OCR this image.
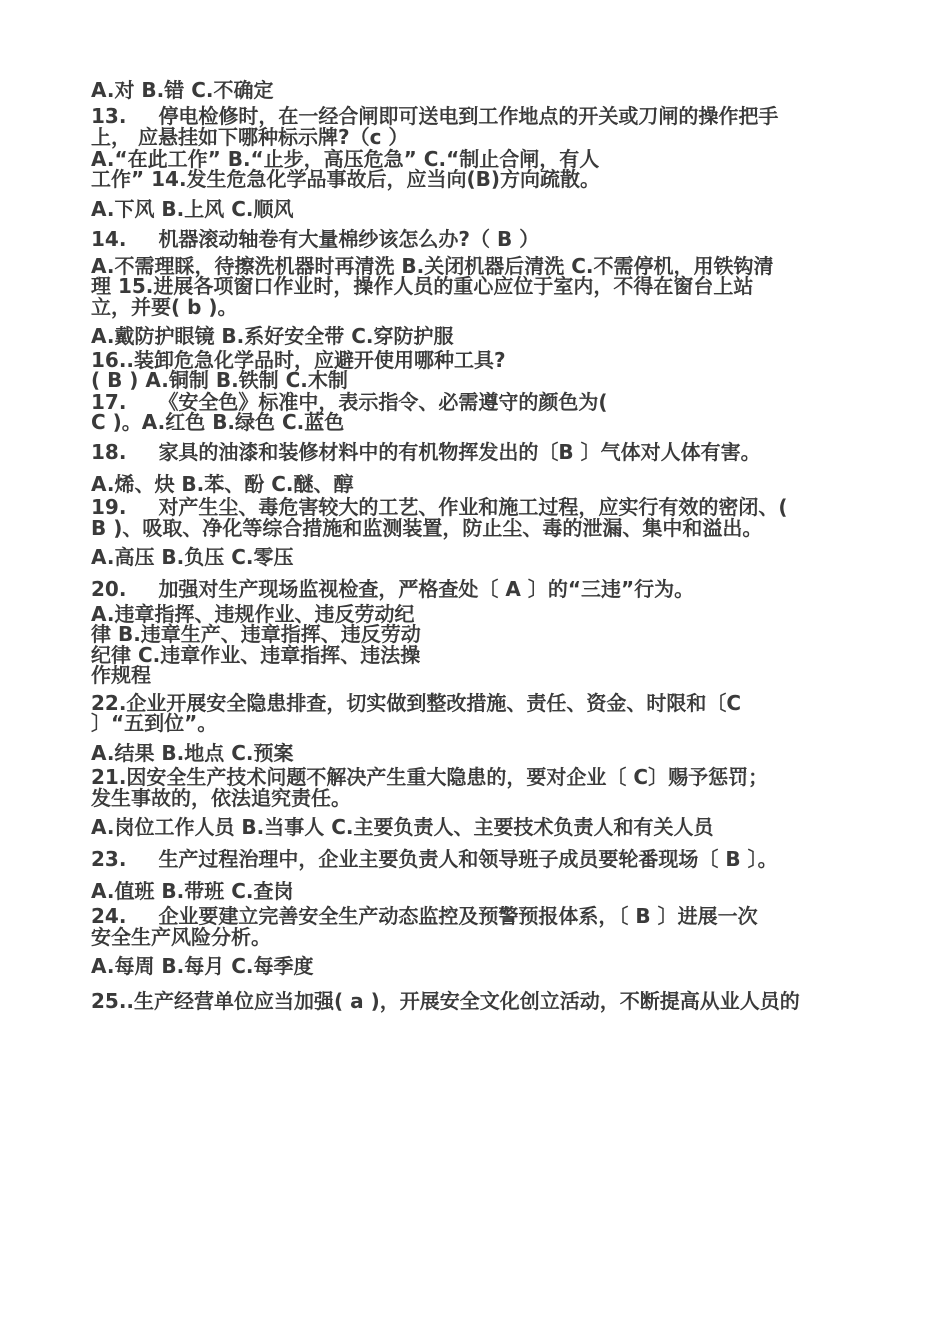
A.对 B.错 C.不确定

13. 停电检修时，在一经合闸即可送电到工作地点的开关或刀闸的操作把手

上， 应悬挂如下哪种标示牌?（c ）

A.“在此工作” B.“止步，高压危急” C.“制止合闸，有人

工作” 14.发生危急化学品事故后，应当向(B)方向疏散。

A.下风 B.上风 C.顺风

14. 机器滚动轴卷有大量棉纱该怎么办?（ B ）

A.不需理睬，待擦洗机器时再清洗 B.关闭机器后清洗 C.不需停机，用铁钩清

理 15.进展各项窗口作业时，操作人员的重心应位于室内，不得在窗台上站

立，并要( b )。

A.戴防护眼镜 B.系好安全带 C.穿防护服

16..装卸危急化学品时，应避开使用哪种工具?

( B ) A.铜制 B.铁制 C.木制

17. 《安全色》标准中，表示指令、必需遵守的颜色为(

C )。A.红色 B.绿色 C.蓝色

18. 家具的油漆和装修材料中的有机物挥发出的〔B 〕气体对人体有害。

A.烯、炔 B.苯、酚 C.醚、醇

19. 对产生尘、毒危害较大的工艺、作业和施工过程，应实行有效的密闭、(

B )、吸取、净化等综合措施和监测装置，防止尘、毒的泄漏、集中和溢出。

A.高压 B.负压 C.零压

20. 加强对生产现场监视检查，严格查处〔 A 〕的“三违”行为。

A.违章指挥、违规作业、违反劳动纪

律 B.违章生产、违章指挥、违反劳动

纪律 C.违章作业、违章指挥、违法操

作规程

22.企业开展安全隐患排查，切实做到整改措施、责任、资金、时限和〔C

〕“五到位”。

A.结果 B.地点 C.预案

21.因安全生产技术问题不解决产生重大隐患的，要对企业〔 C〕赐予惩罚；

发生事故的，依法追究责任。

A.岗位工作人员 B.当事人 C.主要负责人、主要技术负责人和有关人员

23. 生产过程治理中，企业主要负责人和领导班子成员要轮番现场〔 B 〕。

A.值班 B.带班 C.查岗

24. 企业要建立完善安全生产动态监控及预警预报体系，〔 B 〕进展一次

安全生产风险分析。

A.每周 B.每月 C.每季度

25..生产经营单位应当加强( a )，开展安全文化创立活动，不断提高从业人员的
